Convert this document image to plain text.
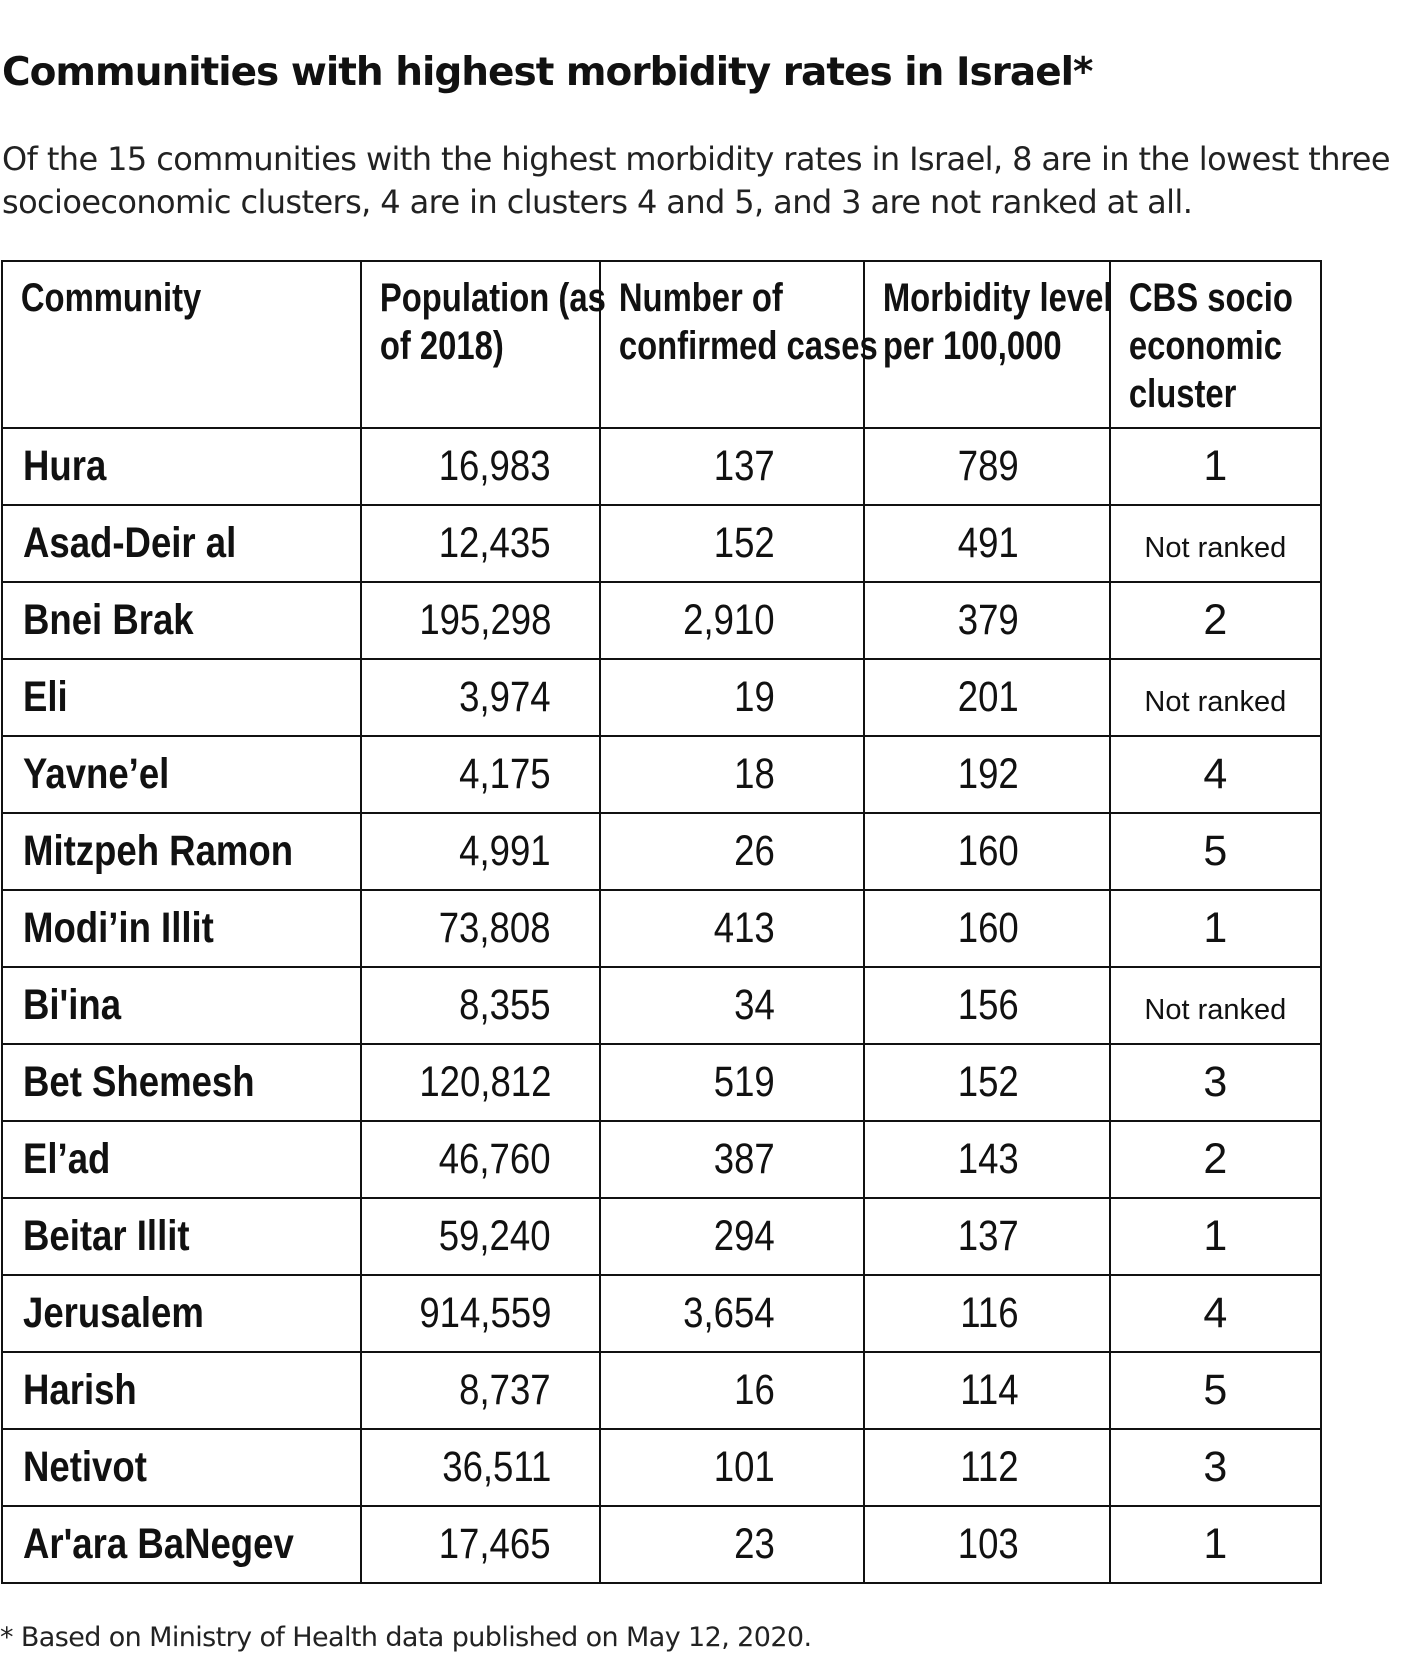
Communities with highest morbidity rates in Israel*
Of the 15 communities with the highest morbidity rates in Israel, 8 are in the lowest three socioeconomic clusters, 4 are in clusters 4 and 5, and 3 are not ranked at all.
Community	Population (as of 2018)	Number of confirmed cases	Morbidity level per 100,000	CBS socio economic cluster

Hura	16,983	137	789	1
Asad-Deir al	12,435	152	491	Not ranked
Bnei Brak	195,298	2,910	379	2
Eli	3,974	19	201	Not ranked
Yavne’el	4,175	18	192	4
Mitzpeh Ramon	4,991	26	160	5
Modi’in Illit	73,808	413	160	1
Bi'ina	8,355	34	156	Not ranked
Bet Shemesh	120,812	519	152	3
El’ad	46,760	387	143	2
Beitar Illit	59,240	294	137	1
Jerusalem	914,559	3,654	116	4
Harish	8,737	16	114	5
Netivot	36,511	101	112	3
Ar'ara BaNegev	17,465	23	103	1
* Based on Ministry of Health data published on May 12, 2020.
